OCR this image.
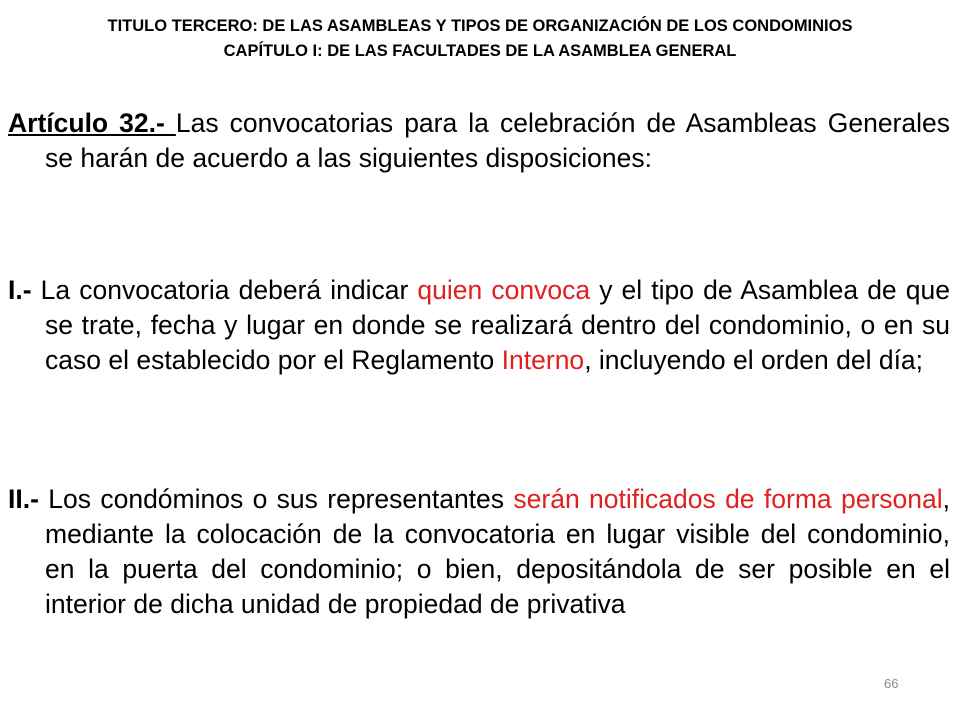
TITULO TERCERO: DE LAS ASAMBLEAS Y TIPOS DE ORGANIZACIÓN DE LOS CONDOMINIOS
CAPÍTULO I: DE LAS FACULTADES DE LA ASAMBLEA GENERAL
Artículo 32.- Las convocatorias para la celebración de Asambleas Generales se harán de acuerdo a las siguientes disposiciones:
I.- La convocatoria deberá indicar quien convoca y el tipo de Asamblea de que se trate, fecha y lugar en donde se realizará dentro del condominio, o en su caso el establecido por el Reglamento Interno, incluyendo el orden del día;
II.- Los condóminos o sus representantes serán notificados de forma personal, mediante la colocación de la convocatoria en lugar visible del condominio, en la puerta del condominio; o bien, depositándola de ser posible en el interior de dicha unidad de propiedad de privativa
66
